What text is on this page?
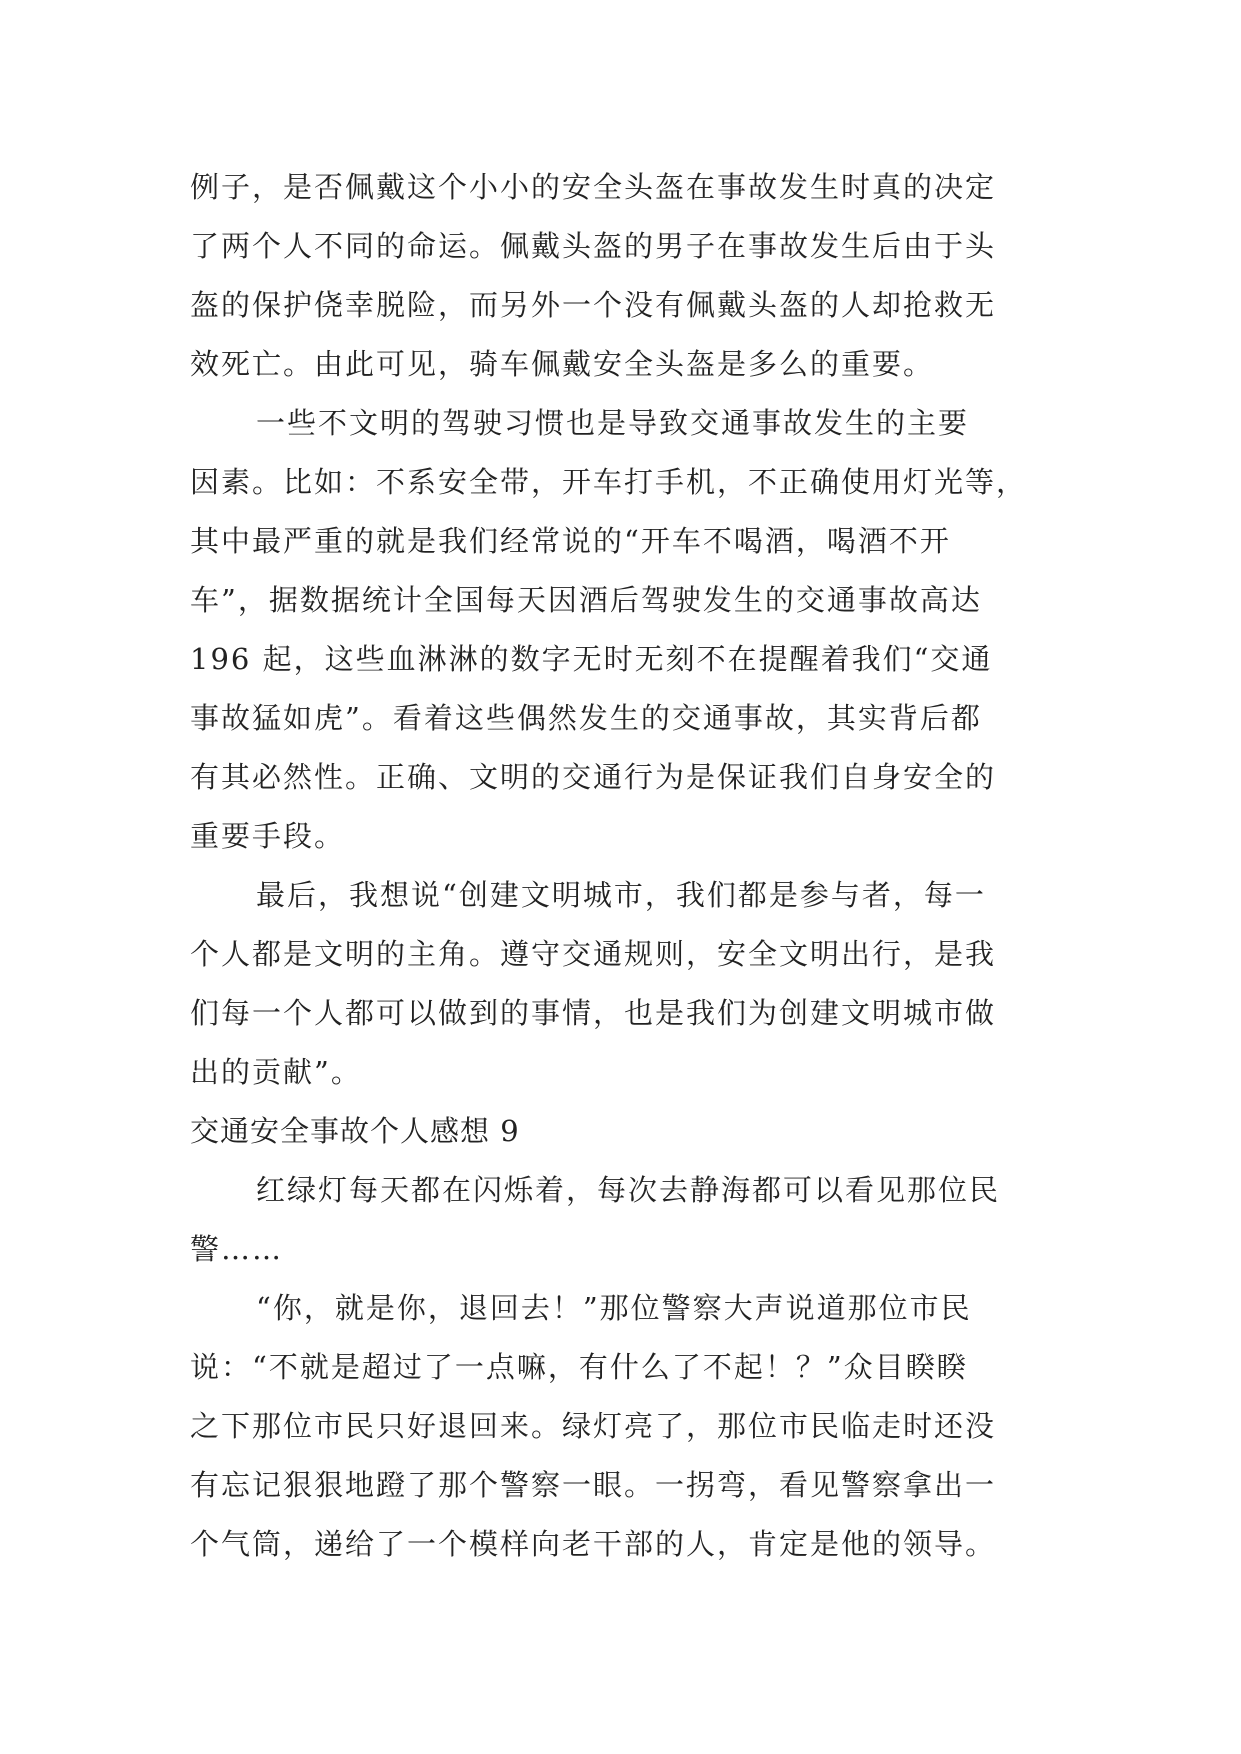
例子，是否佩戴这个小小的安全头盔在事故发生时真的决定
了两个人不同的命运。佩戴头盔的男子在事故发生后由于头
盔的保护侥幸脱险，而另外一个没有佩戴头盔的人却抢救无
效死亡。由此可见，骑车佩戴安全头盔是多么的重要。
一些不文明的驾驶习惯也是导致交通事故发生的主要
因素。比如：不系安全带，开车打手机，不正确使用灯光等，
其中最严重的就是我们经常说的“开车不喝酒，喝酒不开
车”，据数据统计全国每天因酒后驾驶发生的交通事故高达
196 起，这些血淋淋的数字无时无刻不在提醒着我们“交通
事故猛如虎”。看着这些偶然发生的交通事故，其实背后都
有其必然性。正确、文明的交通行为是保证我们自身安全的
重要手段。
最后，我想说“创建文明城市，我们都是参与者，每一
个人都是文明的主角。遵守交通规则，安全文明出行，是我
们每一个人都可以做到的事情，也是我们为创建文明城市做
出的贡献”。
交通安全事故个人感想 9
红绿灯每天都在闪烁着，每次去静海都可以看见那位民
警……
“你，就是你，退回去！”那位警察大声说道那位市民
说：“不就是超过了一点嘛，有什么了不起！？”众目睽睽
之下那位市民只好退回来。绿灯亮了，那位市民临走时还没
有忘记狠狠地蹬了那个警察一眼。一拐弯，看见警察拿出一
个气筒，递给了一个模样向老干部的人，肯定是他的领导。
